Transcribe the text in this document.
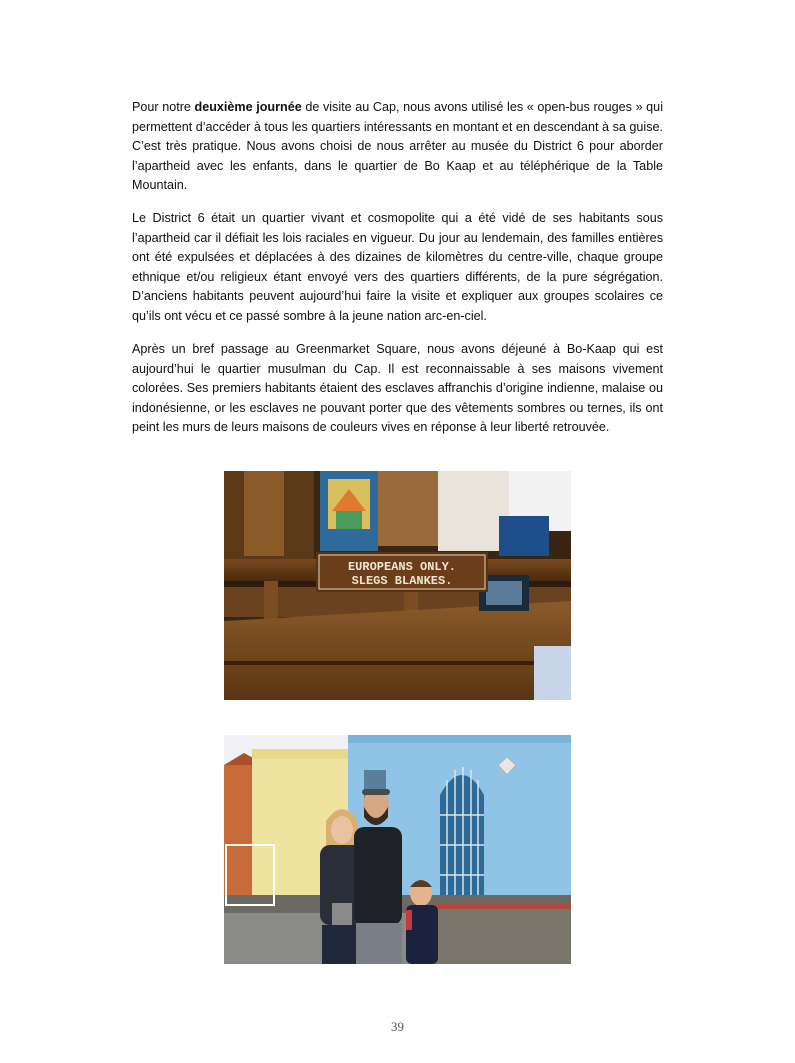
Pour notre deuxième journée de visite au Cap, nous avons utilisé les « open-bus rouges » qui permettent d’accéder à tous les quartiers intéressants en montant et en descendant à sa guise. C’est très pratique. Nous avons choisi de nous arrêter au musée du District 6 pour aborder l’apartheid avec les enfants, dans le quartier de Bo Kaap et au téléphérique de la Table Mountain.

Le District 6 était un quartier vivant et cosmopolite qui a été vidé de ses habitants sous l’apartheid car il défiait les lois raciales en vigueur. Du jour au lendemain, des familles entières ont été expulsées et déplacées à des dizaines de kilomètres du centre-ville, chaque groupe ethnique et/ou religieux étant envoyé vers des quartiers différents, de la pure ségrégation. D’anciens habitants peuvent aujourd’hui faire la visite et expliquer aux groupes scolaires ce qu’ils ont vécu et ce passé sombre à la jeune nation arc-en-ciel.

Après un bref passage au Greenmarket Square, nous avons déjeuné à Bo-Kaap qui est aujourd’hui le quartier musulman du Cap. Il est reconnaissable à ses maisons vivement colorées. Ses premiers habitants étaient des esclaves affranchis d’origine indienne, malaise ou indonésienne, or les esclaves ne pouvant porter que des vêtements sombres ou ternes, ils ont peint les murs de leurs maisons de couleurs vives en réponse à leur liberté retrouvée.

EUROPEANS ONLY.
SLEGS BLANKES.
39
